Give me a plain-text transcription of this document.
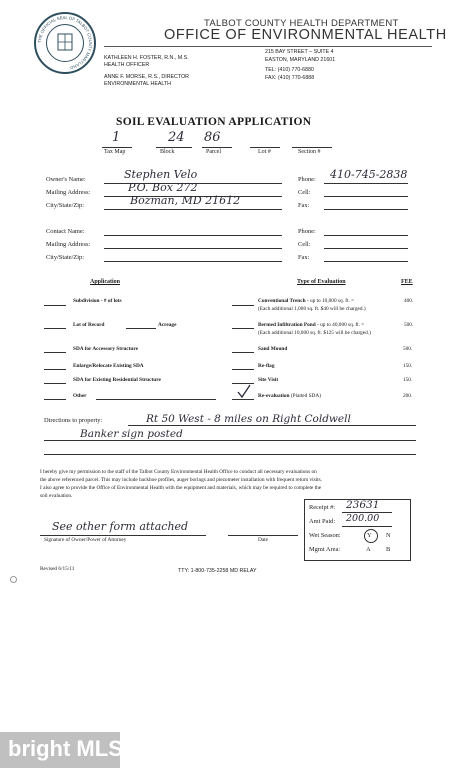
THE OFFICIAL SEAL OF TALBOT COUNTY MARYLAND
TALBOT COUNTY HEALTH DEPARTMENT
OFFICE OF ENVIRONMENTAL HEALTH
KATHLEEN H. FOSTER, R.N., M.S.
HEALTH OFFICER
ANNE F. MORSE, R.S., DIRECTOR
ENVIRONMENTAL HEALTH
215 BAY STREET – SUITE 4
EASTON, MARYLAND 21601
TEL: (410) 770-6880
FAX: (410) 770-6888
SOIL EVALUATION APPLICATION
1	24 86
Tax Map	Block	Parcel	Lot #	Section #
Owner's Name:	Stephen Velo
Mailing Address:	P.O. Box 272
City/State/Zip:	Bozman, MD 21612
Phone: 410-745-2838
Cell:
Fax:
Contact Name:
Mailing Address:
City/State/Zip:
Phone:
Cell:
Fax:
Application	Type of Evaluation	FEE
Subdivision - # of lots
Lot of Record	Acreage
SDA for Accessory Structure
Enlarge/Relocate Existing SDA
SDA for Existing Residential Structure
Other
Conventional Trench - up to 10,000 sq. ft. =	400.
(Each additional 1,000 sq. ft. $40 will be charged.)
Bermed Infiltration Pond - up to 40,000 sq. ft. =	500.
(Each additional 10,000 sq. ft. $125 will be charged.)
Sand Mound	500.
Re-flag	150.
Site Visit	150.
Re-evaluation (Platted SDA)	200.
Directions to property:	Rt 50 West - 8 miles on Right Coldwell
Banker sign posted
I hereby give my permission to the staff of the Talbot County Environmental Health Office to conduct all necessary evaluations on
the above referenced parcel. This may include backhoe profiles, auger borings and piezometer installation with frequent return visits.
I also agree to provide the Office of Environmental Health with the equipment and materials, which may be required to complete the
soil evaluation.
See other form attached
Signature of Owner/Power of Attorney	Date
Receipt #: 23631
Amt Paid: 200.00
Wet Season:	Y N
Mgmt Area:	A B
Revised 6/15/11	TTY: 1-800-735-2258 MD RELAY
bright MLS
